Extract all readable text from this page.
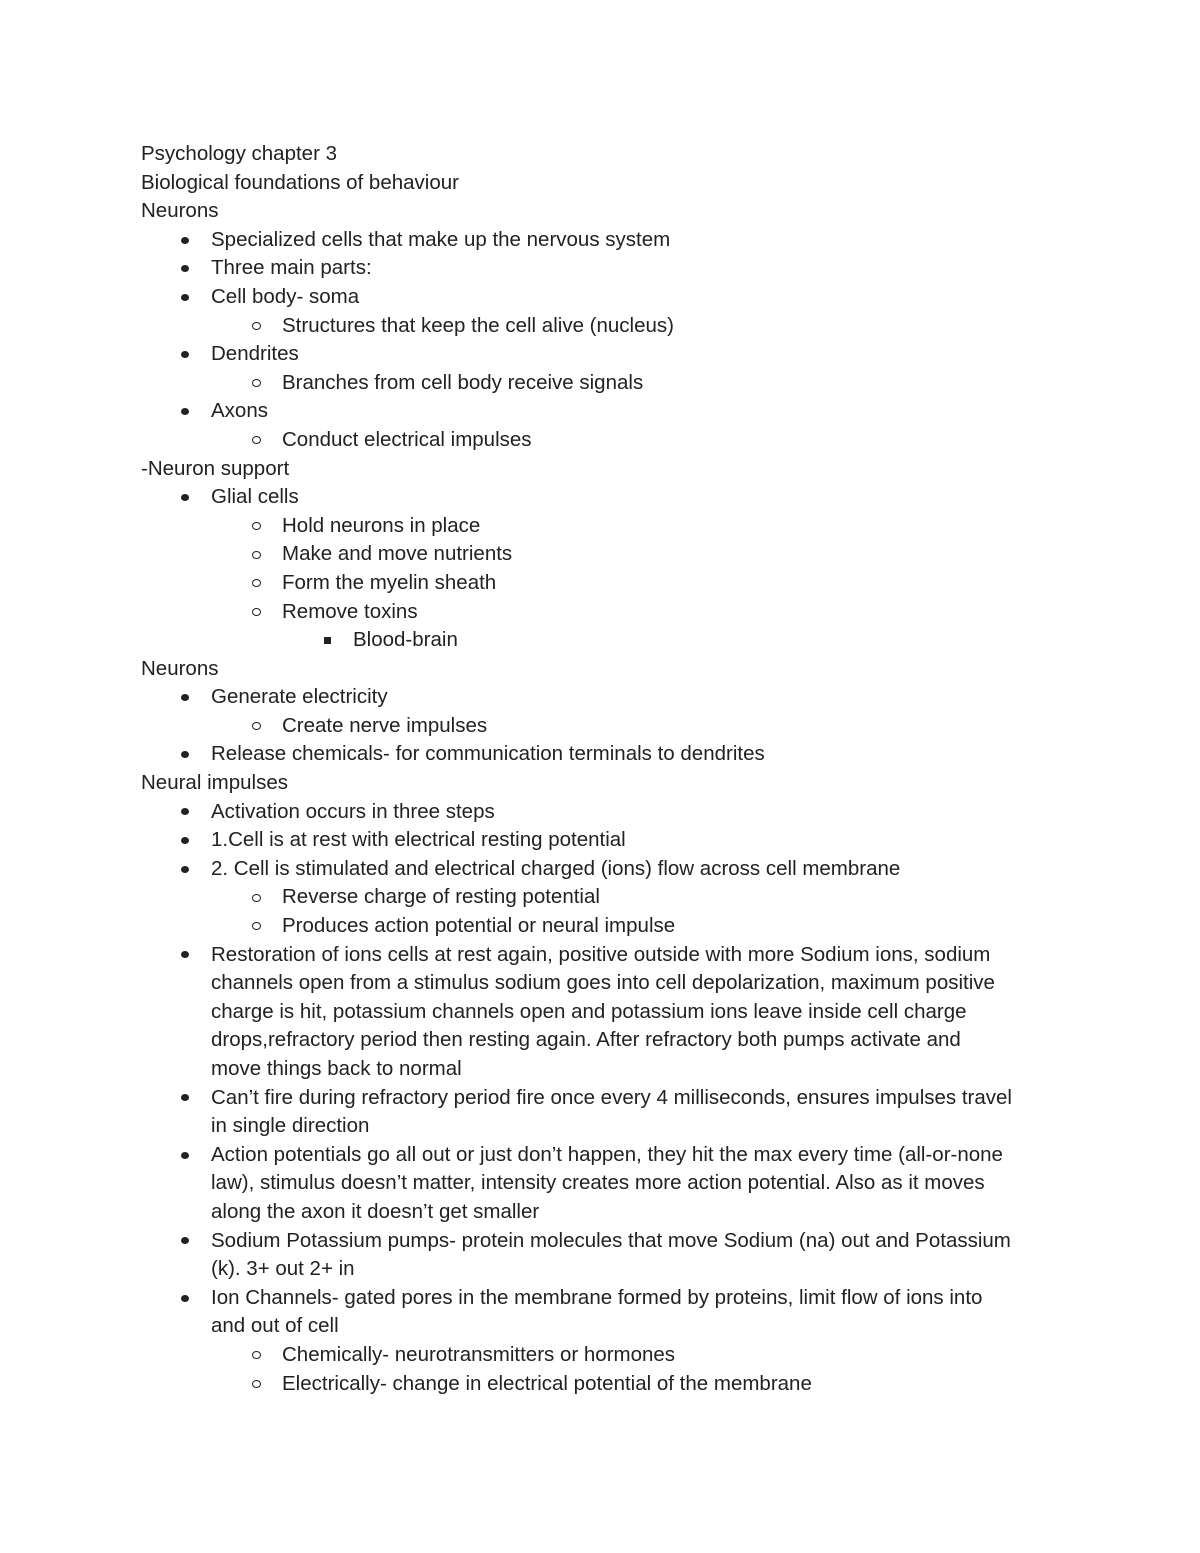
Psychology chapter 3

Biological foundations of behaviour

Neurons

Specialized cells that make up the nervous system
Three main parts:
Cell body- soma
Structures that keep the cell alive (nucleus)
Dendrites
Branches from cell body receive signals
Axons
Conduct electrical impulses

-Neuron support

Glial cells
Hold neurons in place
Make and move nutrients
Form the myelin sheath
Remove toxins
Blood-brain

Neurons

Generate electricity
Create nerve impulses
Release chemicals- for communication terminals to dendrites

Neural impulses

Activation occurs in three steps
1.Cell is at rest with electrical resting potential
2. Cell is stimulated and electrical charged (ions) flow across cell membrane
Reverse charge of resting potential
Produces action potential or neural impulse
Restoration of ions cells at rest again, positive outside with more Sodium ions, sodium
channels open from a stimulus sodium goes into cell depolarization, maximum positive
charge is hit, potassium channels open and potassium ions leave inside cell charge
drops,refractory period then resting again. After refractory both pumps activate and
move things back to normal
Can’t fire during refractory period fire once every 4 milliseconds, ensures impulses travel
in single direction
Action potentials go all out or just don’t happen, they hit the max every time (all-or-none
law), stimulus doesn’t matter, intensity creates more action potential. Also as it moves
along the axon it doesn’t get smaller
Sodium Potassium pumps- protein molecules that move Sodium (na) out and Potassium
(k). 3+ out 2+ in
Ion Channels- gated pores in the membrane formed by proteins, limit flow of ions into
and out of cell
Chemically- neurotransmitters or hormones
Electrically- change in electrical potential of the membrane
